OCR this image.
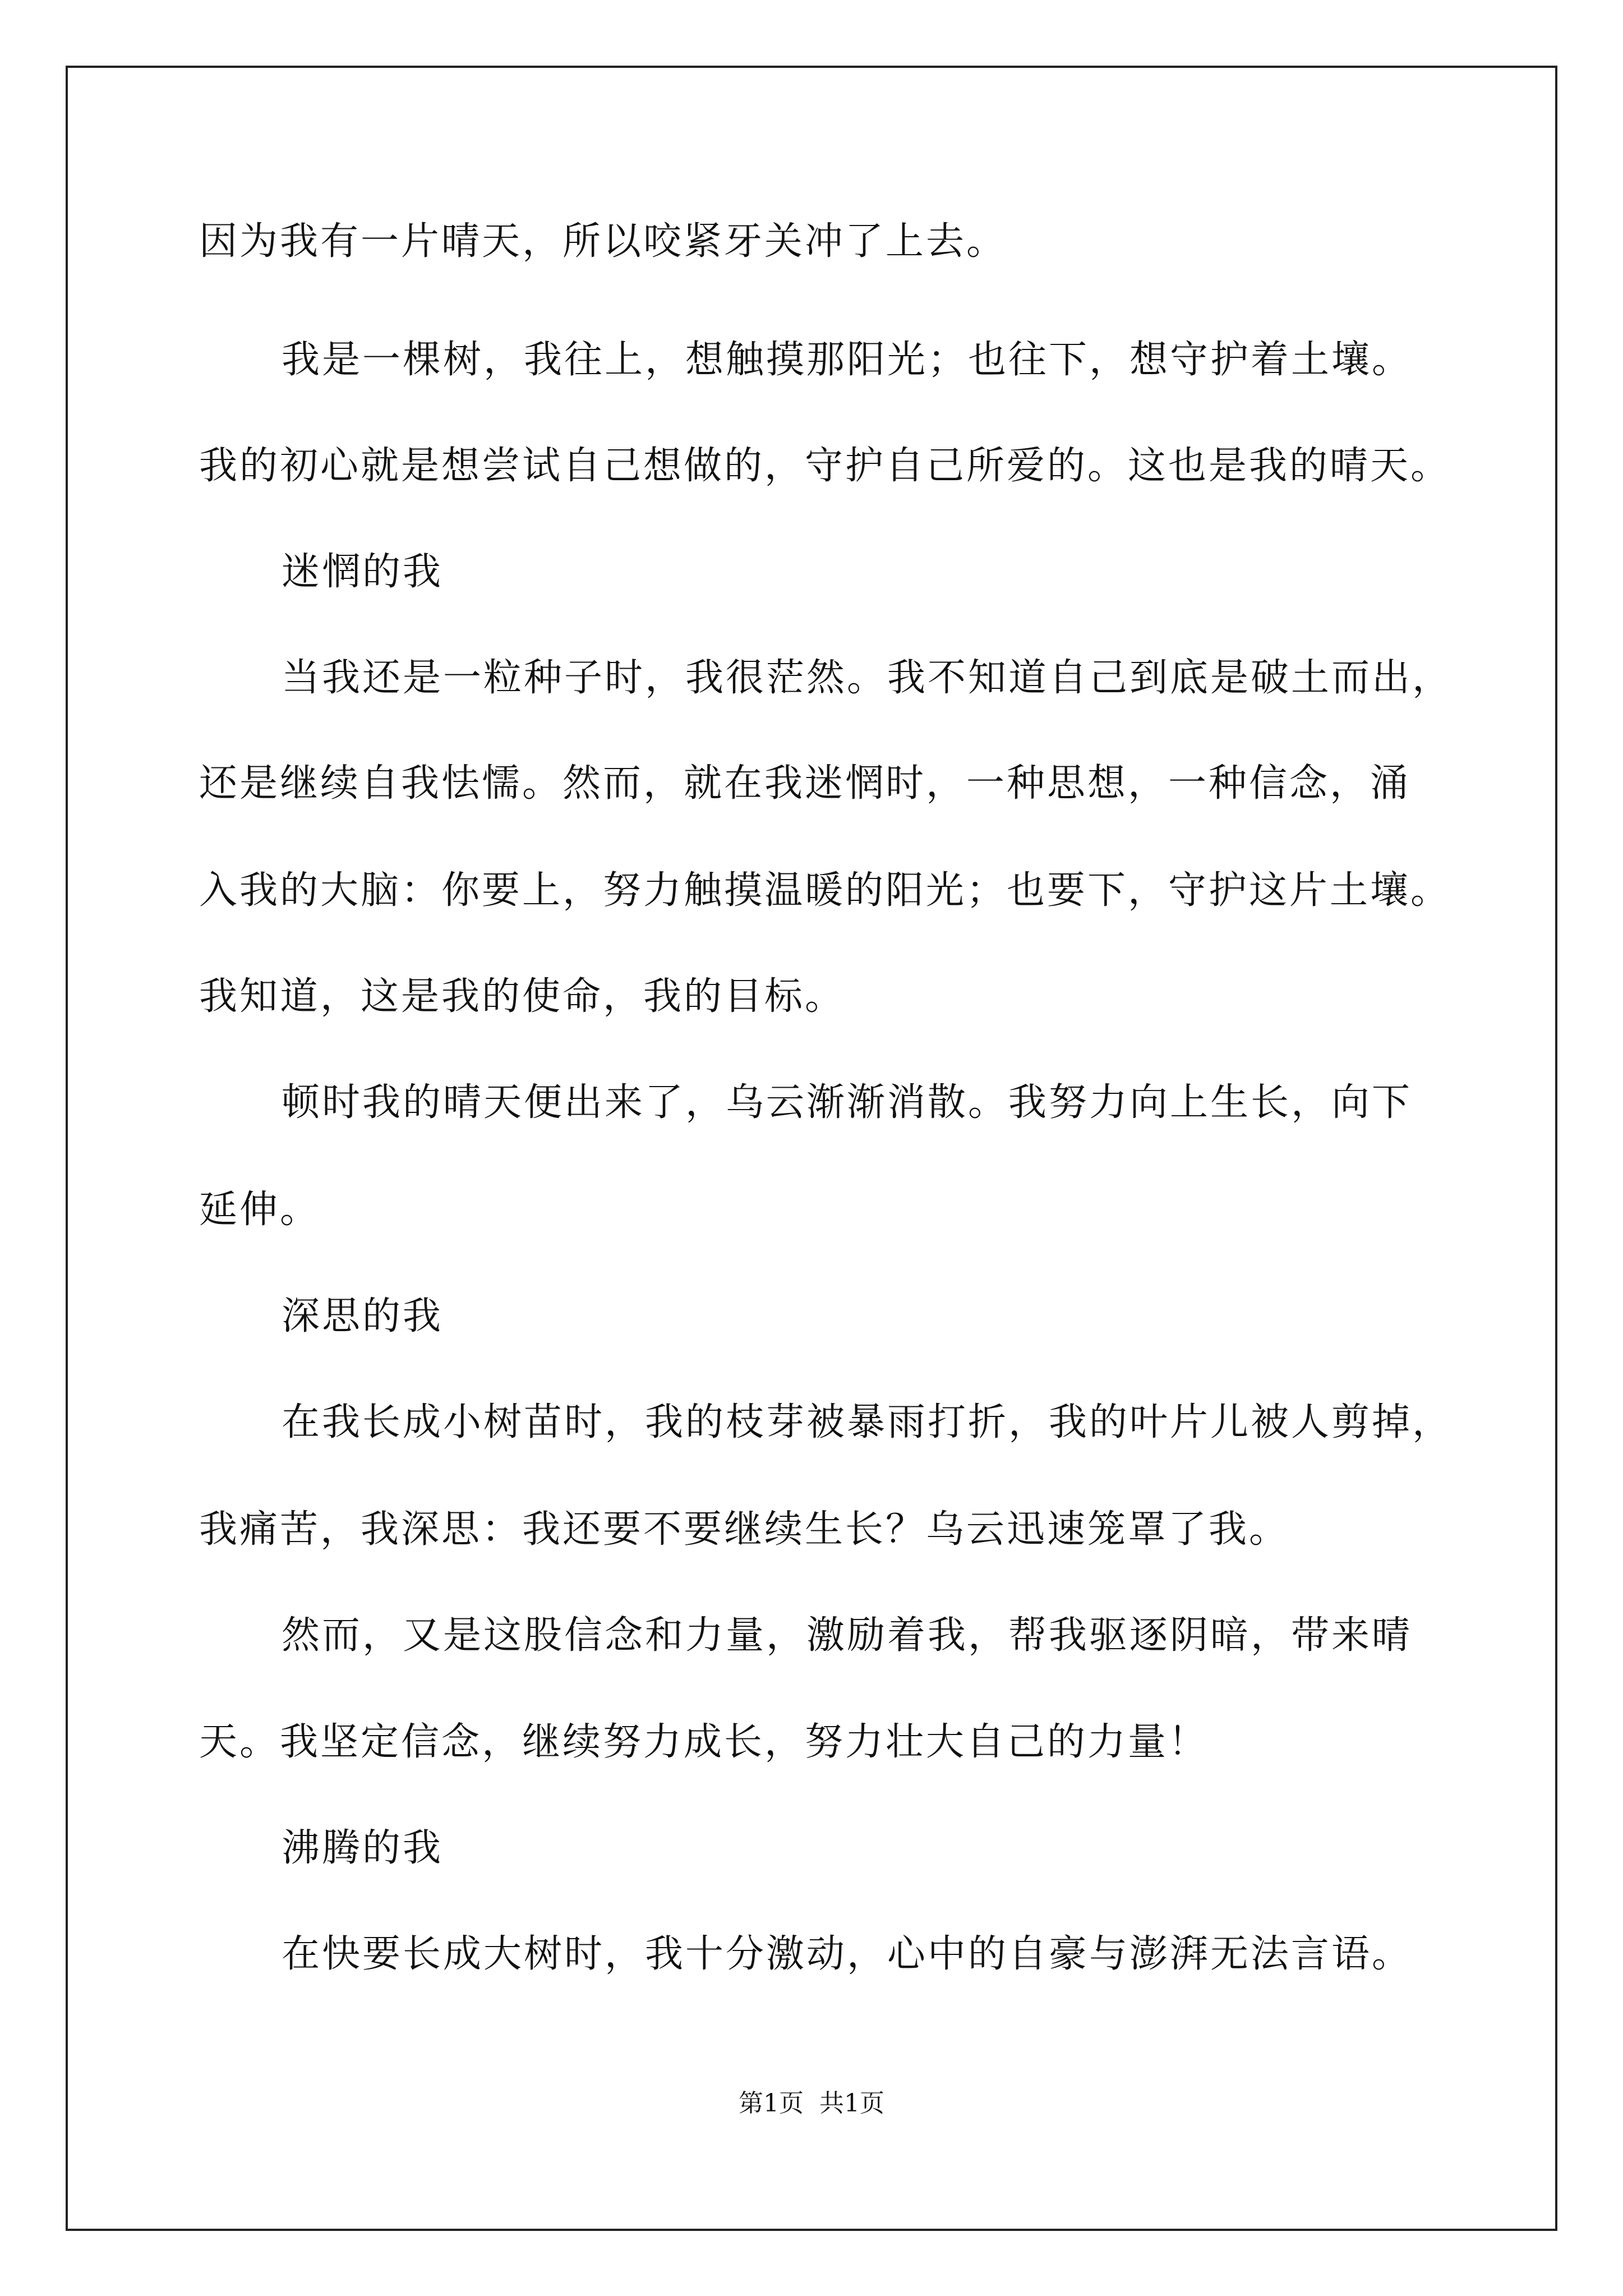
因为我有一片晴天，所以咬紧牙关冲了上去。
我是一棵树，我往上，想触摸那阳光；也往下，想守护着土壤。
我的初心就是想尝试自己想做的，守护自己所爱的。这也是我的晴天。
迷惘的我
当我还是一粒种子时，我很茫然。我不知道自己到底是破土而出，
还是继续自我怯懦。然而，就在我迷惘时，一种思想，一种信念，涌
入我的大脑：你要上，努力触摸温暖的阳光；也要下，守护这片土壤。
我知道，这是我的使命，我的目标。
顿时我的晴天便出来了，乌云渐渐消散。我努力向上生长，向下
延伸。
深思的我
在我长成小树苗时，我的枝芽被暴雨打折，我的叶片儿被人剪掉，
我痛苦，我深思：我还要不要继续生长？乌云迅速笼罩了我。
然而，又是这股信念和力量，激励着我，帮我驱逐阴暗，带来晴
天。我坚定信念，继续努力成长，努力壮大自己的力量！
沸腾的我
在快要长成大树时，我十分激动，心中的自豪与澎湃无法言语。
第1页 共1页
